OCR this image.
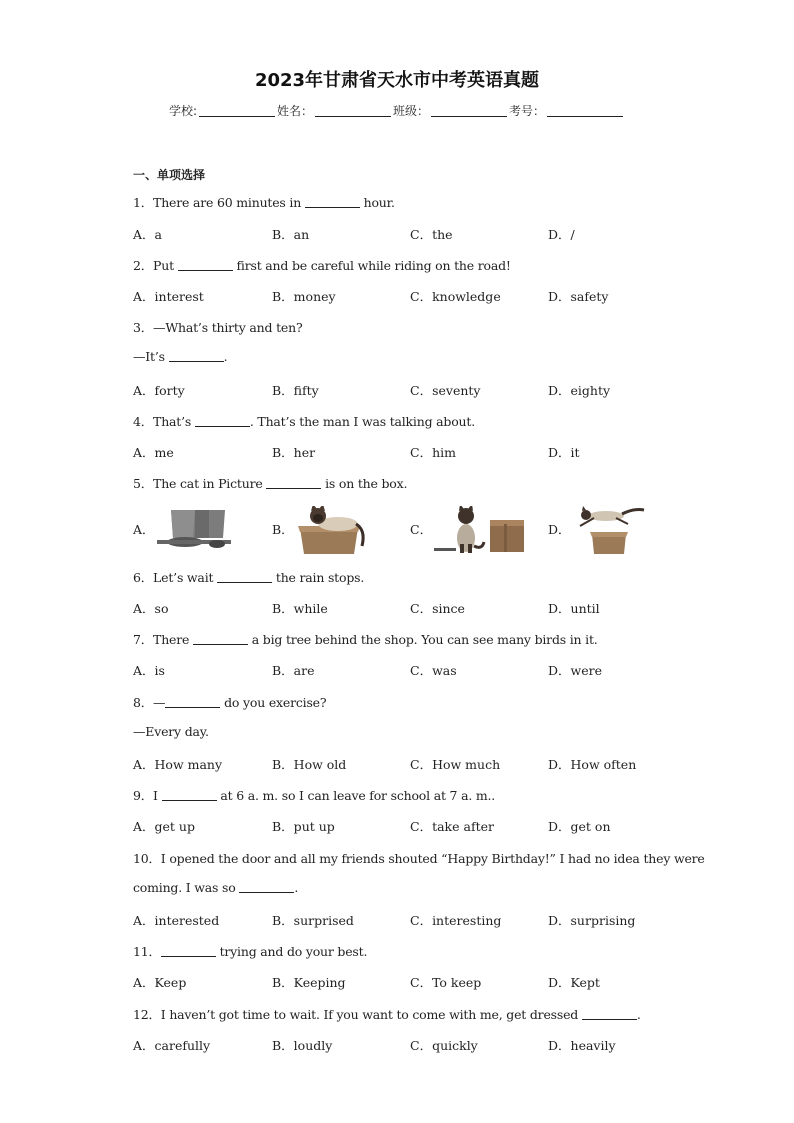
2023年甘肃省天水市中考英语真题
学校:	姓名：	班级：	考号：
一、单项选择
1．There are 60 minutes in	hour.
A．a	B．an	C．the	D．/
2．Put	first and be careful while riding on the road!
A．interest	B．money	C．knowledge	D．safety
3．—What’s thirty and ten?
—It’s	.
A．forty	B．fifty	C．seventy	D．eighty
4．That’s	. That’s the man I was talking about.
A．me	B．her	C．him	D．it
5．The cat in Picture	is on the box.
A．	B．	C．	D．
6．Let’s wait	the rain stops.
A．so	B．while	C．since	D．until
7．There	a big tree behind the shop. You can see many birds in it.
A．is	B．are	C．was	D．were
8．—	do you exercise?
—Every day.
A．How many	B．How old	C．How much	D．How often
9．I	at 6 a. m. so I can leave for school at 7 a. m..
A．get up	B．put up	C．take after	D．get on
10．I opened the door and all my friends shouted “Happy Birthday!” I had no idea they were
coming. I was so	.
A．interested	B．surprised	C．interesting	D．surprising
11．	trying and do your best.
A．Keep	B．Keeping	C．To keep	D．Kept
12．I haven’t got time to wait. If you want to come with me, get dressed	.
A．carefully	B．loudly	C．quickly	D．heavily
